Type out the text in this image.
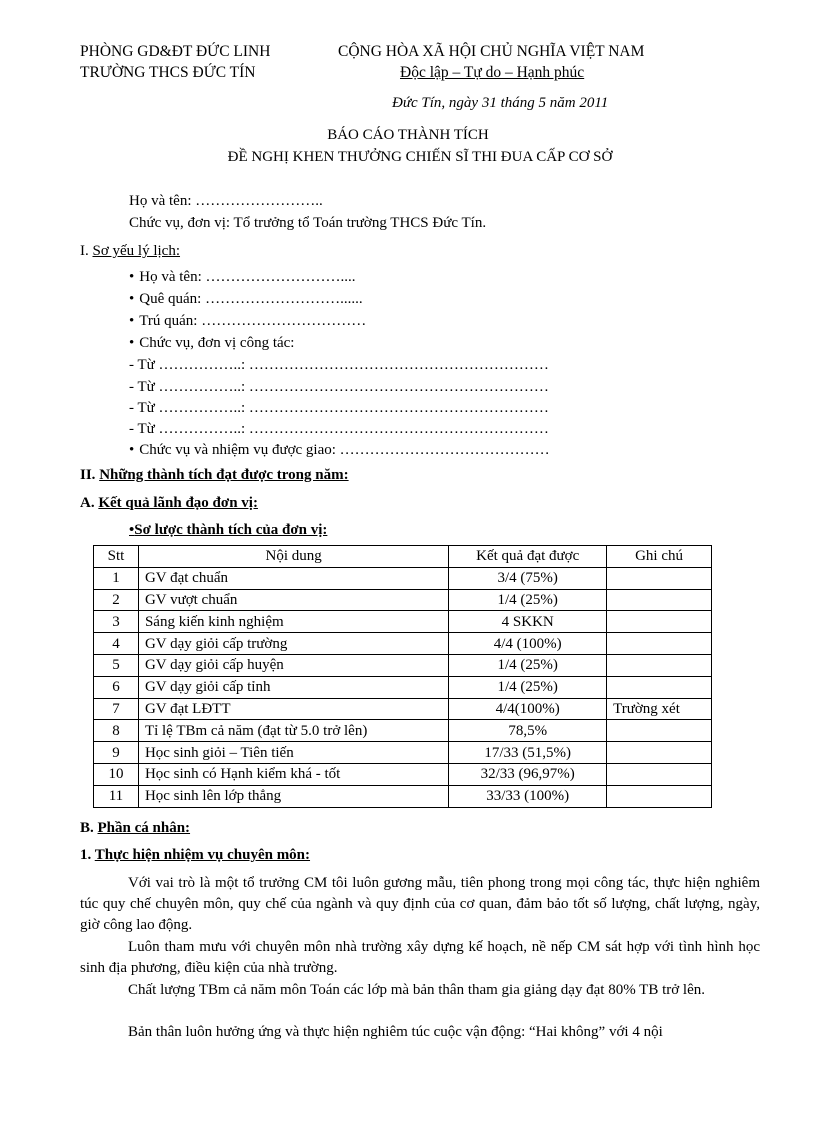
PHÒNG GD&ĐT ĐỨC LINH
TRƯỜNG THCS ĐỨC TÍN
CỘNG HÒA XÃ HỘI CHỦ NGHĨA VIỆT NAM
Độc lập – Tự do – Hạnh phúc
Đức Tín, ngày 31 tháng 5 năm 2011
BÁO CÁO THÀNH TÍCH
ĐỀ NGHỊ KHEN THƯỞNG CHIẾN SĨ THI ĐUA CẤP CƠ SỞ
Họ và tên: ……………………..
Chức vụ, đơn vị: Tổ trưởng tổ Toán trường THCS Đức Tín.
I. Sơ yếu lý lịch:
• Họ và tên: ………………………....
• Quê quán: ………………………......
• Trú quán: ……………………………
• Chức vụ, đơn vị công tác:
- Từ ……………..: ……………………………………………………
- Từ ……………..: ……………………………………………………
- Từ ……………..: ……………………………………………………
- Từ ……………..: ……………………………………………………
• Chức vụ và nhiệm vụ được giao: ……………………………………
II. Những thành tích đạt được trong năm:
A. Kết quả lãnh đạo đơn vị:
•Sơ lược thành tích của đơn vị:
Stt	Nội dung	Kết quả đạt được	Ghi chú
1	GV đạt chuẩn	3/4 (75%)	
2	GV vượt chuẩn	1/4 (25%)	
3	Sáng kiến kinh nghiệm	4 SKKN	
4	GV dạy giỏi cấp trường	4/4 (100%)	
5	GV dạy giỏi cấp huyện	1/4 (25%)	
6	GV dạy giỏi cấp tỉnh	1/4 (25%)	
7	GV đạt LĐTT	4/4(100%)	Trường xét
8	Tỉ lệ TBm cả năm (đạt từ 5.0 trở lên)	78,5%	
9	Học sinh giỏi – Tiên tiến	17/33 (51,5%)	
10	Học sinh có Hạnh kiểm khá - tốt	32/33 (96,97%)	
11	Học sinh lên lớp thẳng	33/33 (100%)	
B. Phần cá nhân:
1. Thực hiện nhiệm vụ chuyên môn:
Với vai trò là một tổ trưởng CM tôi luôn gương mẫu, tiên phong trong mọi công tác, thực hiện nghiêm túc quy chế chuyên môn, quy chế của ngành và quy định của cơ quan, đảm bảo tốt số lượng, chất lượng, ngày, giờ công lao động.
Luôn tham mưu với chuyên môn nhà trường xây dựng kế hoạch, nề nếp CM sát hợp với tình hình học sinh địa phương, điều kiện của nhà trường.
Chất lượng TBm cả năm môn Toán các lớp mà bản thân tham gia giảng dạy đạt 80% TB trở lên.
Bản thân luôn hưởng ứng và thực hiện nghiêm túc cuộc vận động: “Hai không” với 4 nội
